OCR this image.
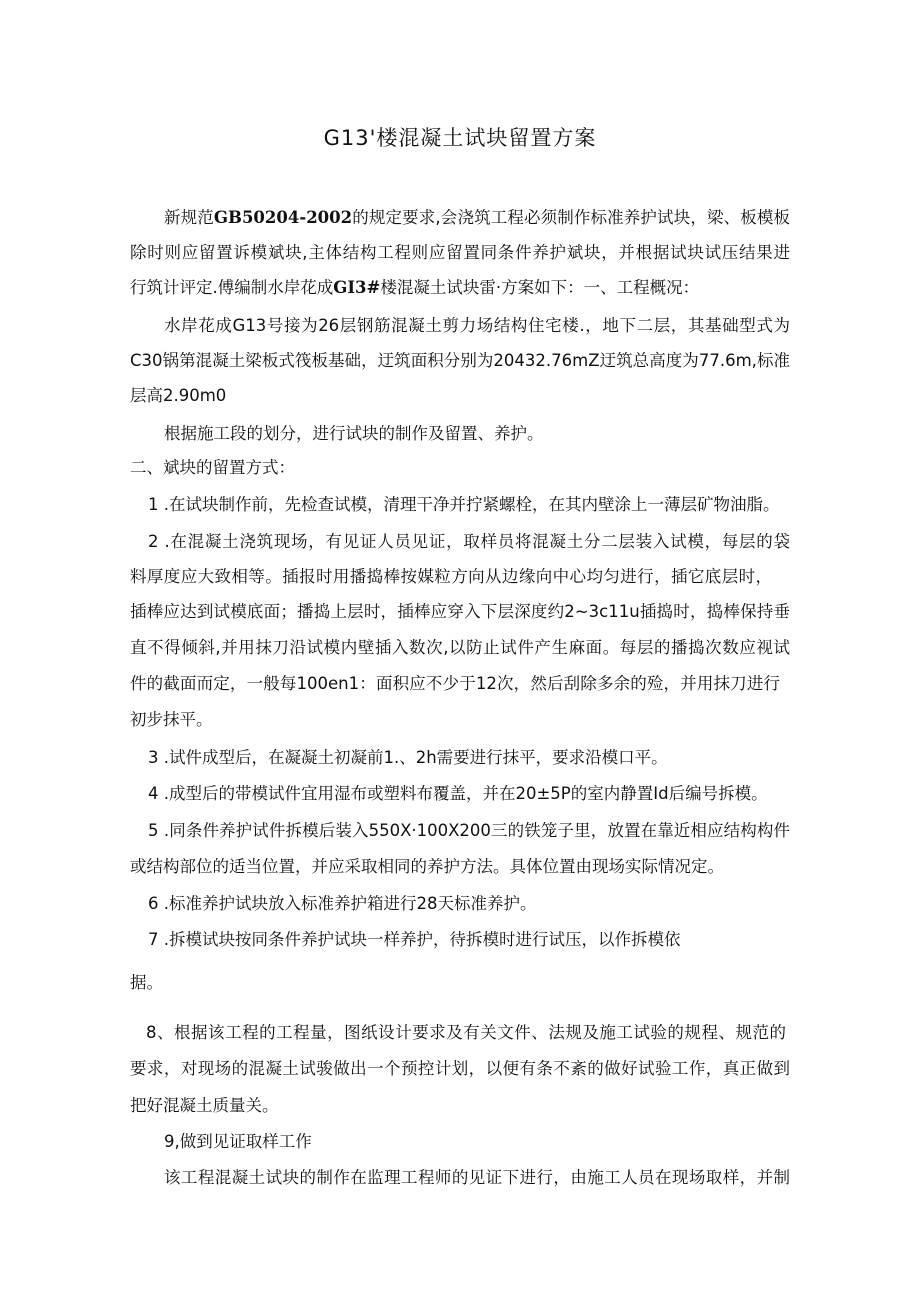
G13'楼混凝土试块留置方案
新规范GB50204-2002的规定要求,会浇筑工程必须制作标准养护试块，梁、板模板
除时则应留置诉模斌块,主体结构工程则应留置同条件养护斌块，并根据试块试压结果进
行筑计评定.傅编制水岸花成GI3#楼混凝土试块雷·方案如下：一、工程概况：
水岸花成G13号接为26层钢筋混凝土剪力场结构住宅楼.，地下二层，其基础型式为
C30锅第混凝土梁板式筏板基础，迂筑面积分别为20432.76mZ迂筑总高度为77.6m,标准
层高2.90m0
根据施工段的划分，进行试块的制作及留置、养护。
二、斌块的留置方式：
1 .在试块制作前，先检查试模，清理干净并拧紧螺栓，在其内壁涂上一薄层矿物油脂。
2 .在混凝土浇筑现场，有见证人员见证，取样员将混凝土分二层装入试模，每层的袋
料厚度应大致相等。插报时用播捣棒按媒粒方向从边缘向中心均匀进行，插它底层时，
插棒应达到试模底面；播捣上层时，插棒应穿入下层深度约2~3c11u插捣时，捣棒保持垂
直不得倾斜,并用抹刀沿试模内壁插入数次,以防止试件产生麻面。每层的播捣次数应视试
件的截面而定，一般每100en1：面积应不少于12次，然后刮除多余的殓，并用抹刀进行
初步抹平。
3 .试件成型后，在凝凝土初凝前1.、2h需要进行抹平，要求沿模口平。
4 .成型后的带模试件宜用湿布或塑料布覆盖，并在20±5P的室内静置Id后编号拆模。
5 .同条件养护试件拆模后装入550X·100X200三的铁笼子里，放置在靠近相应结构构件
或结构部位的适当位置，并应采取相同的养护方法。具体位置由现场实际情况定。
6 .标准养护试块放入标准养护箱进行28天标准养护。
7 .拆模试块按同条件养护试块一样养护，待拆模时进行试压，以作拆模依
据。
8、根据该工程的工程量，图纸设计要求及有关文件、法规及施工试验的规程、规范的
要求，对现场的混凝土试骏做出一个预控计划，以便有条不紊的做好试验工作，真正做到
把好混凝土质量关。
9,做到见证取样工作
该工程混凝土试块的制作在监理工程师的见证下进行，由施工人员在现场取样，并制
